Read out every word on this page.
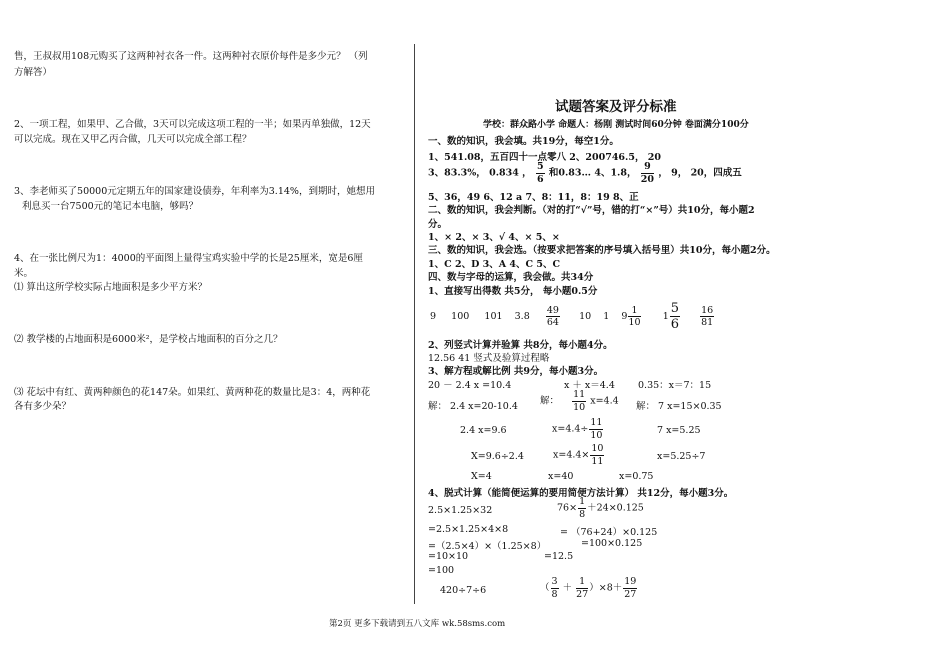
售，王叔叔用108元购买了这两种衬衣各一件。这两种衬衣原价每件是多少元？ （列
方解答）
2、一项工程，如果甲、乙合做，3天可以完成这项工程的一半；如果丙单独做，12天
可以完成。现在又甲乙丙合做，几天可以完成全部工程？
3、李老师买了50000元定期五年的国家建设债券，年利率为3.14%，到期时，她想用
利息买一台7500元的笔记本电脑，够吗？
4、在一张比例尺为1：4000的平面图上量得宝鸡实验中学的长是25厘米，宽是6厘
米。
⑴ 算出这所学校实际占地面积是多少平方米？
⑵ 教学楼的占地面积是6000米²，是学校占地面积的百分之几？
⑶ 花坛中有红、黄两种颜色的花147朵。如果红、黄两种花的数量比是3：4，两种花
各有多少朵？
试题答案及评分标准
学校：群众路小学 命题人：杨刚 测试时间60分钟 卷面满分100分
一、数的知识，我会填。共19分，每空1分。
1、541.08，五百四十一点零八 2、200746.5， 20
3、83.3%， 0.834 ， $\frac{5}{6}$ 和0.83… 4、1.8， $\frac{9}{20}$ ， 9， 20，四成五
5、36，49 6、12 a 7、8：11，8：19 8、正
二、数的知识，我会判断。（对的打“√”号，错的打“×”号）共10分，每小题2
分。
1、× 2、× 3、√ 4、× 5、×
三、数的知识，我会选。（按要求把答案的序号填入括号里）共10分，每小题2分。
1、C 2、D 3、A 4、C 5、C
四、数与字母的运算，我会做。共34分
1、直接写出得数 共5分， 每小题0.5分
9 100 101 $3.8 \frac{49}{64} 10$ 1 $9 \frac{1}{10} 1 \frac{5}{6}$
$\frac{16}{81}$
2、列竖式计算并验算 共8分，每小题4分。
12.56 41 竖式及验算过程略
3、解方程或解比例 共9分，每小题3分。
20 － 2.4 x =10.4	x ＋ x＝4.4 0.35：x＝7：15
解： 2.4 x=20-10.4 解： $\frac{11}{10} x=4.4$ 解： 7 x=15×0.35
2.4 x=9.6	$x=4.4\div \frac{11}{10}$	7 x=5.25
X=9.6÷2.4	$x=4.4\times \frac{10}{11}$	x=5.25÷7
X=4	x=40	x=0.75
4、脱式计算（能简便运算的要用简便方法计算） 共12分，每小题3分。
2.5×1.25×32	$76\times \frac{1}{8} +24\times 0.125$
=2.5×1.25×4×8	= （76+24）×0.125
=（2.5×4）×（1.25×8）	=100×0.125
=10×10	=12.5
=100
420÷7÷6	（ $\frac{3}{8} + \frac{1}{27} )\times 8+ \frac{19}{27}$
第2页 更多下载请到五八文库 wk.58sms.com
